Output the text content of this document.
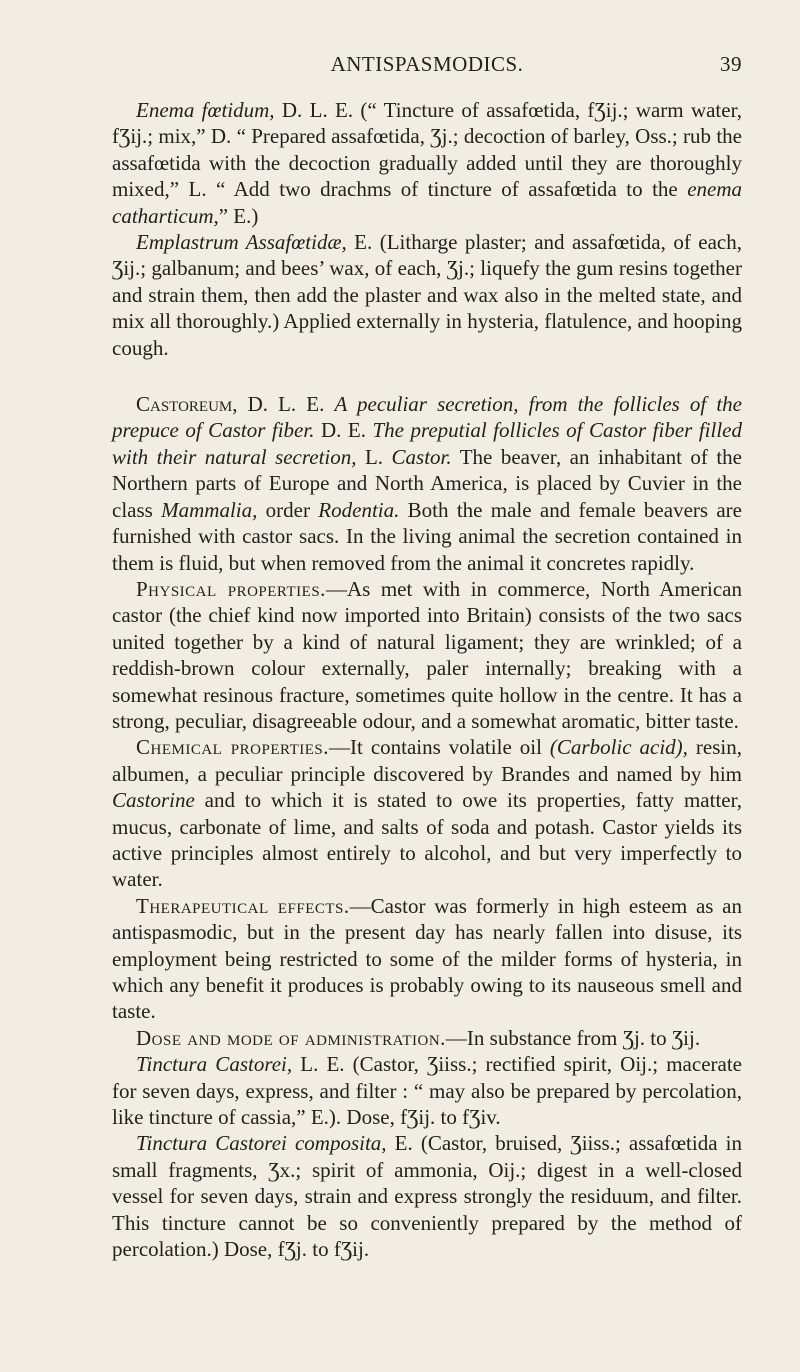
ANTISPASMODICS.	39

Enema fœtidum, D. L. E. (“ Tincture of assafœtida, fƷij.; warm water, fƷij.; mix,” D. “ Prepared assafœtida, Ʒj.; decoction of barley, Oss.; rub the assafœtida with the decoction gradually added until they are thoroughly mixed,” L. “ Add two drachms of tincture of assafœtida to the enema catharticum,” E.)

Emplastrum Assafœtidæ, E. (Litharge plaster; and assafœtida, of each, Ʒij.; galbanum; and bees’ wax, of each, Ʒj.; liquefy the gum resins together and strain them, then add the plaster and wax also in the melted state, and mix all thoroughly.) Applied externally in hysteria, flatulence, and hooping cough.

Castoreum, D. L. E. A peculiar secretion, from the follicles of the prepuce of Castor fiber. D. E. The preputial follicles of Castor fiber filled with their natural secretion, L. Castor. The beaver, an inhabitant of the Northern parts of Europe and North America, is placed by Cuvier in the class Mammalia, order Rodentia. Both the male and female beavers are furnished with castor sacs. In the living animal the secretion contained in them is fluid, but when removed from the animal it concretes rapidly.

Physical properties.—As met with in commerce, North American castor (the chief kind now imported into Britain) consists of the two sacs united together by a kind of natural ligament; they are wrinkled; of a reddish-brown colour externally, paler internally; breaking with a somewhat resinous fracture, sometimes quite hollow in the centre. It has a strong, peculiar, disagreeable odour, and a somewhat aromatic, bitter taste.

Chemical properties.—It contains volatile oil (Carbolic acid), resin, albumen, a peculiar principle discovered by Brandes and named by him Castorine and to which it is stated to owe its properties, fatty matter, mucus, carbonate of lime, and salts of soda and potash. Castor yields its active principles almost entirely to alcohol, and but very imperfectly to water.

Therapeutical effects.—Castor was formerly in high esteem as an antispasmodic, but in the present day has nearly fallen into disuse, its employment being restricted to some of the milder forms of hysteria, in which any benefit it produces is probably owing to its nauseous smell and taste.

Dose and mode of administration.—In substance from Ʒj. to Ʒij.

Tinctura Castorei, L. E. (Castor, Ʒiiss.; rectified spirit, Oij.; macerate for seven days, express, and filter : “ may also be prepared by percolation, like tincture of cassia,” E.). Dose, fƷij. to fƷiv.

Tinctura Castorei composita, E. (Castor, bruised, Ʒiiss.; assafœtida in small fragments, Ʒx.; spirit of ammonia, Oij.; digest in a well-closed vessel for seven days, strain and express strongly the residuum, and filter. This tincture cannot be so conveniently prepared by the method of percolation.) Dose, fƷj. to fƷij.
